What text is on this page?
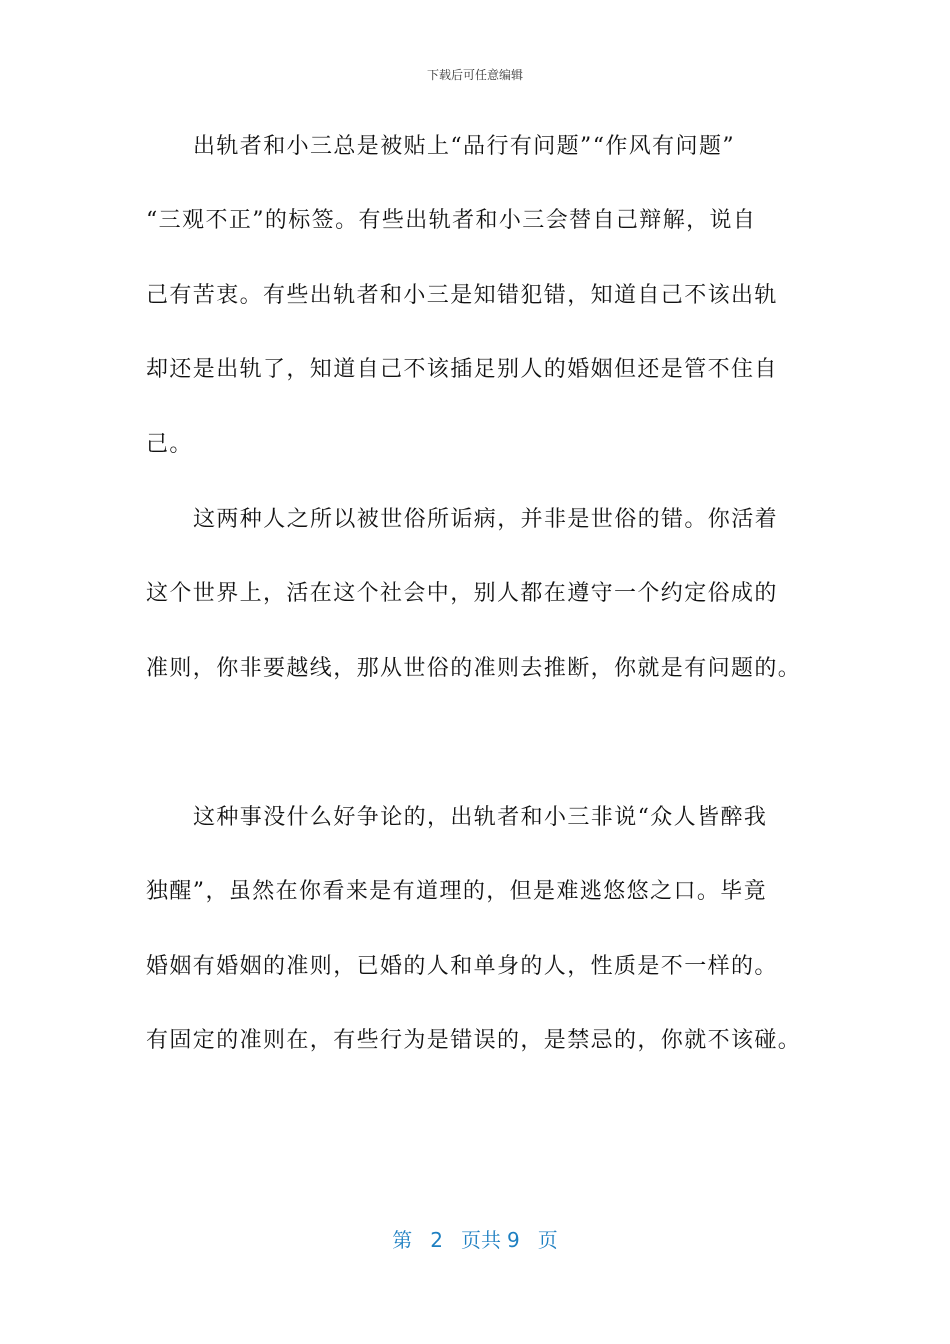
下载后可任意编辑
出轨者和小三总是被贴上“品行有问题”“作风有问题”
“三观不正”的标签。有些出轨者和小三会替自己辩解，说自
己有苦衷。有些出轨者和小三是知错犯错，知道自己不该出轨
却还是出轨了，知道自己不该插足别人的婚姻但还是管不住自
己。
这两种人之所以被世俗所诟病，并非是世俗的错。你活着
这个世界上，活在这个社会中，别人都在遵守一个约定俗成的
准则，你非要越线，那从世俗的准则去推断，你就是有问题的。
这种事没什么好争论的，出轨者和小三非说“众人皆醉我
独醒”，虽然在你看来是有道理的，但是难逃悠悠之口。毕竟
婚姻有婚姻的准则，已婚的人和单身的人，性质是不一样的。
有固定的准则在，有些行为是错误的，是禁忌的，你就不该碰。
第 2 页共 9 页
